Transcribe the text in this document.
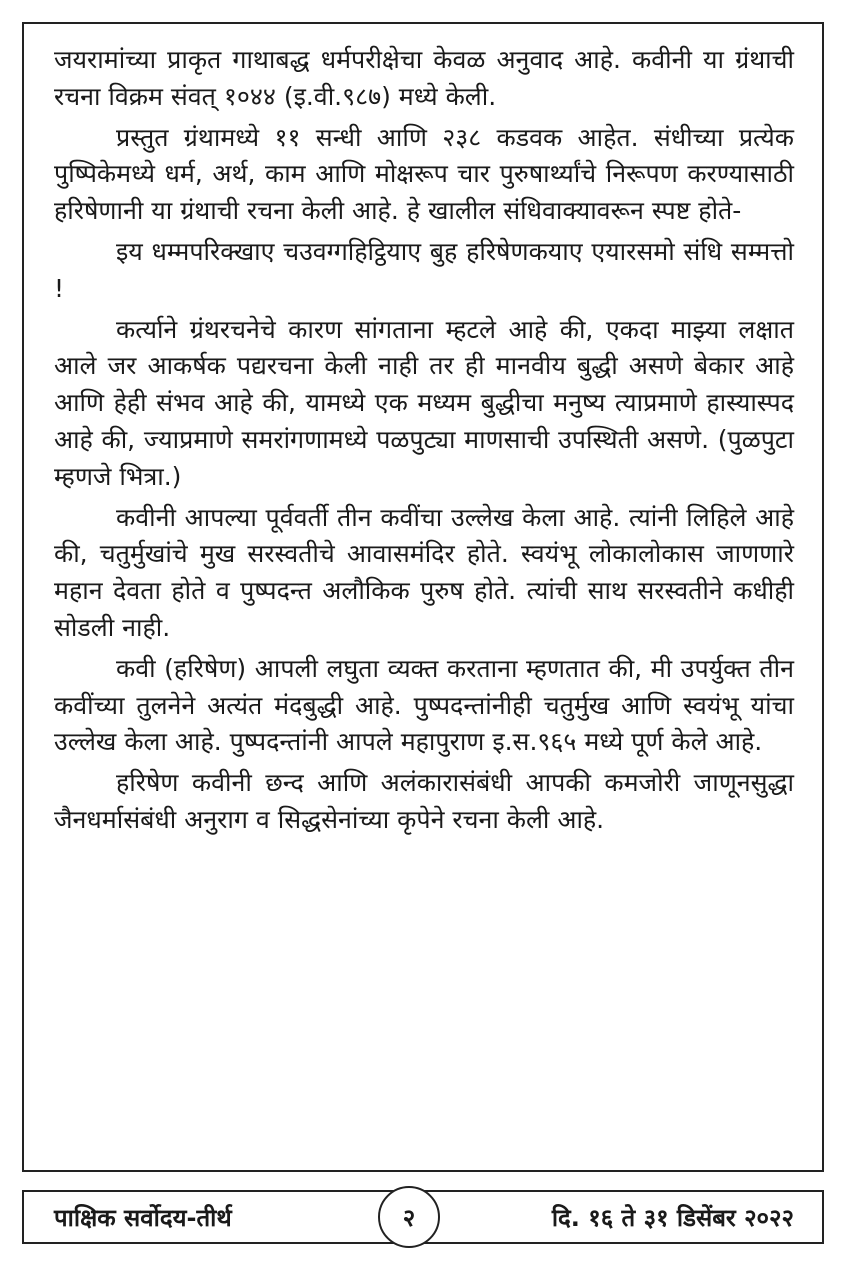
जयरामांच्या प्राकृत गाथाबद्ध धर्मपरीक्षेचा केवळ अनुवाद आहे. कवीनी या ग्रंथाची रचना विक्रम संवत् १०४४ (इ.वी.९८७) मध्ये केली.

प्रस्तुत ग्रंथामध्ये ११ सन्धी आणि २३८ कडवक आहेत. संधीच्या प्रत्येक पुष्पिकेमध्ये धर्म, अर्थ, काम आणि मोक्षरूप चार पुरुषार्थ्यांचे निरूपण करण्यासाठी हरिषेणानी या ग्रंथाची रचना केली आहे. हे खालील संधिवाक्यावरून स्पष्ट होते-

इय धम्मपरिक्खाए चउवग्गहिट्ठियाए बुह हरिषेणकयाए एयारसमो संधि सम्मत्तो !

कर्त्याने ग्रंथरचनेचे कारण सांगताना म्हटले आहे की, एकदा माझ्या लक्षात आले जर आकर्षक पद्यरचना केली नाही तर ही मानवीय बुद्धी असणे बेकार आहे आणि हेही संभव आहे की, यामध्ये एक मध्यम बुद्धीचा मनुष्य त्याप्रमाणे हास्यास्पद आहे की, ज्याप्रमाणे समरांगणामध्ये पळपुट्या माणसाची उपस्थिती असणे. (पुळपुटा म्हणजे भित्रा.)

कवीनी आपल्या पूर्ववर्ती तीन कवींचा उल्लेख केला आहे. त्यांनी लिहिले आहे की, चतुर्मुखांचे मुख सरस्वतीचे आवासमंदिर होते. स्वयंभू लोकालोकास जाणणारे महान देवता होते व पुष्पदन्त अलौकिक पुरुष होते. त्यांची साथ सरस्वतीने कधीही सोडली नाही.

कवी (हरिषेण) आपली लघुता व्यक्त करताना म्हणतात की, मी उपर्युक्त तीन कवींच्या तुलनेने अत्यंत मंदबुद्धी आहे. पुष्पदन्तांनीही चतुर्मुख आणि स्वयंभू यांचा उल्लेख केला आहे. पुष्पदन्तांनी आपले महापुराण इ.स.९६५ मध्ये पूर्ण केले आहे.

हरिषेण कवीनी छन्द आणि अलंकारासंबंधी आपकी कमजोरी जाणूनसुद्धा जैनधर्मासंबंधी अनुराग व सिद्धसेनांच्या कृपेने रचना केली आहे.

पाक्षिक सर्वोदय-तीर्थ	दि. १६ ते ३१ डिसेंबर २०२२
२
